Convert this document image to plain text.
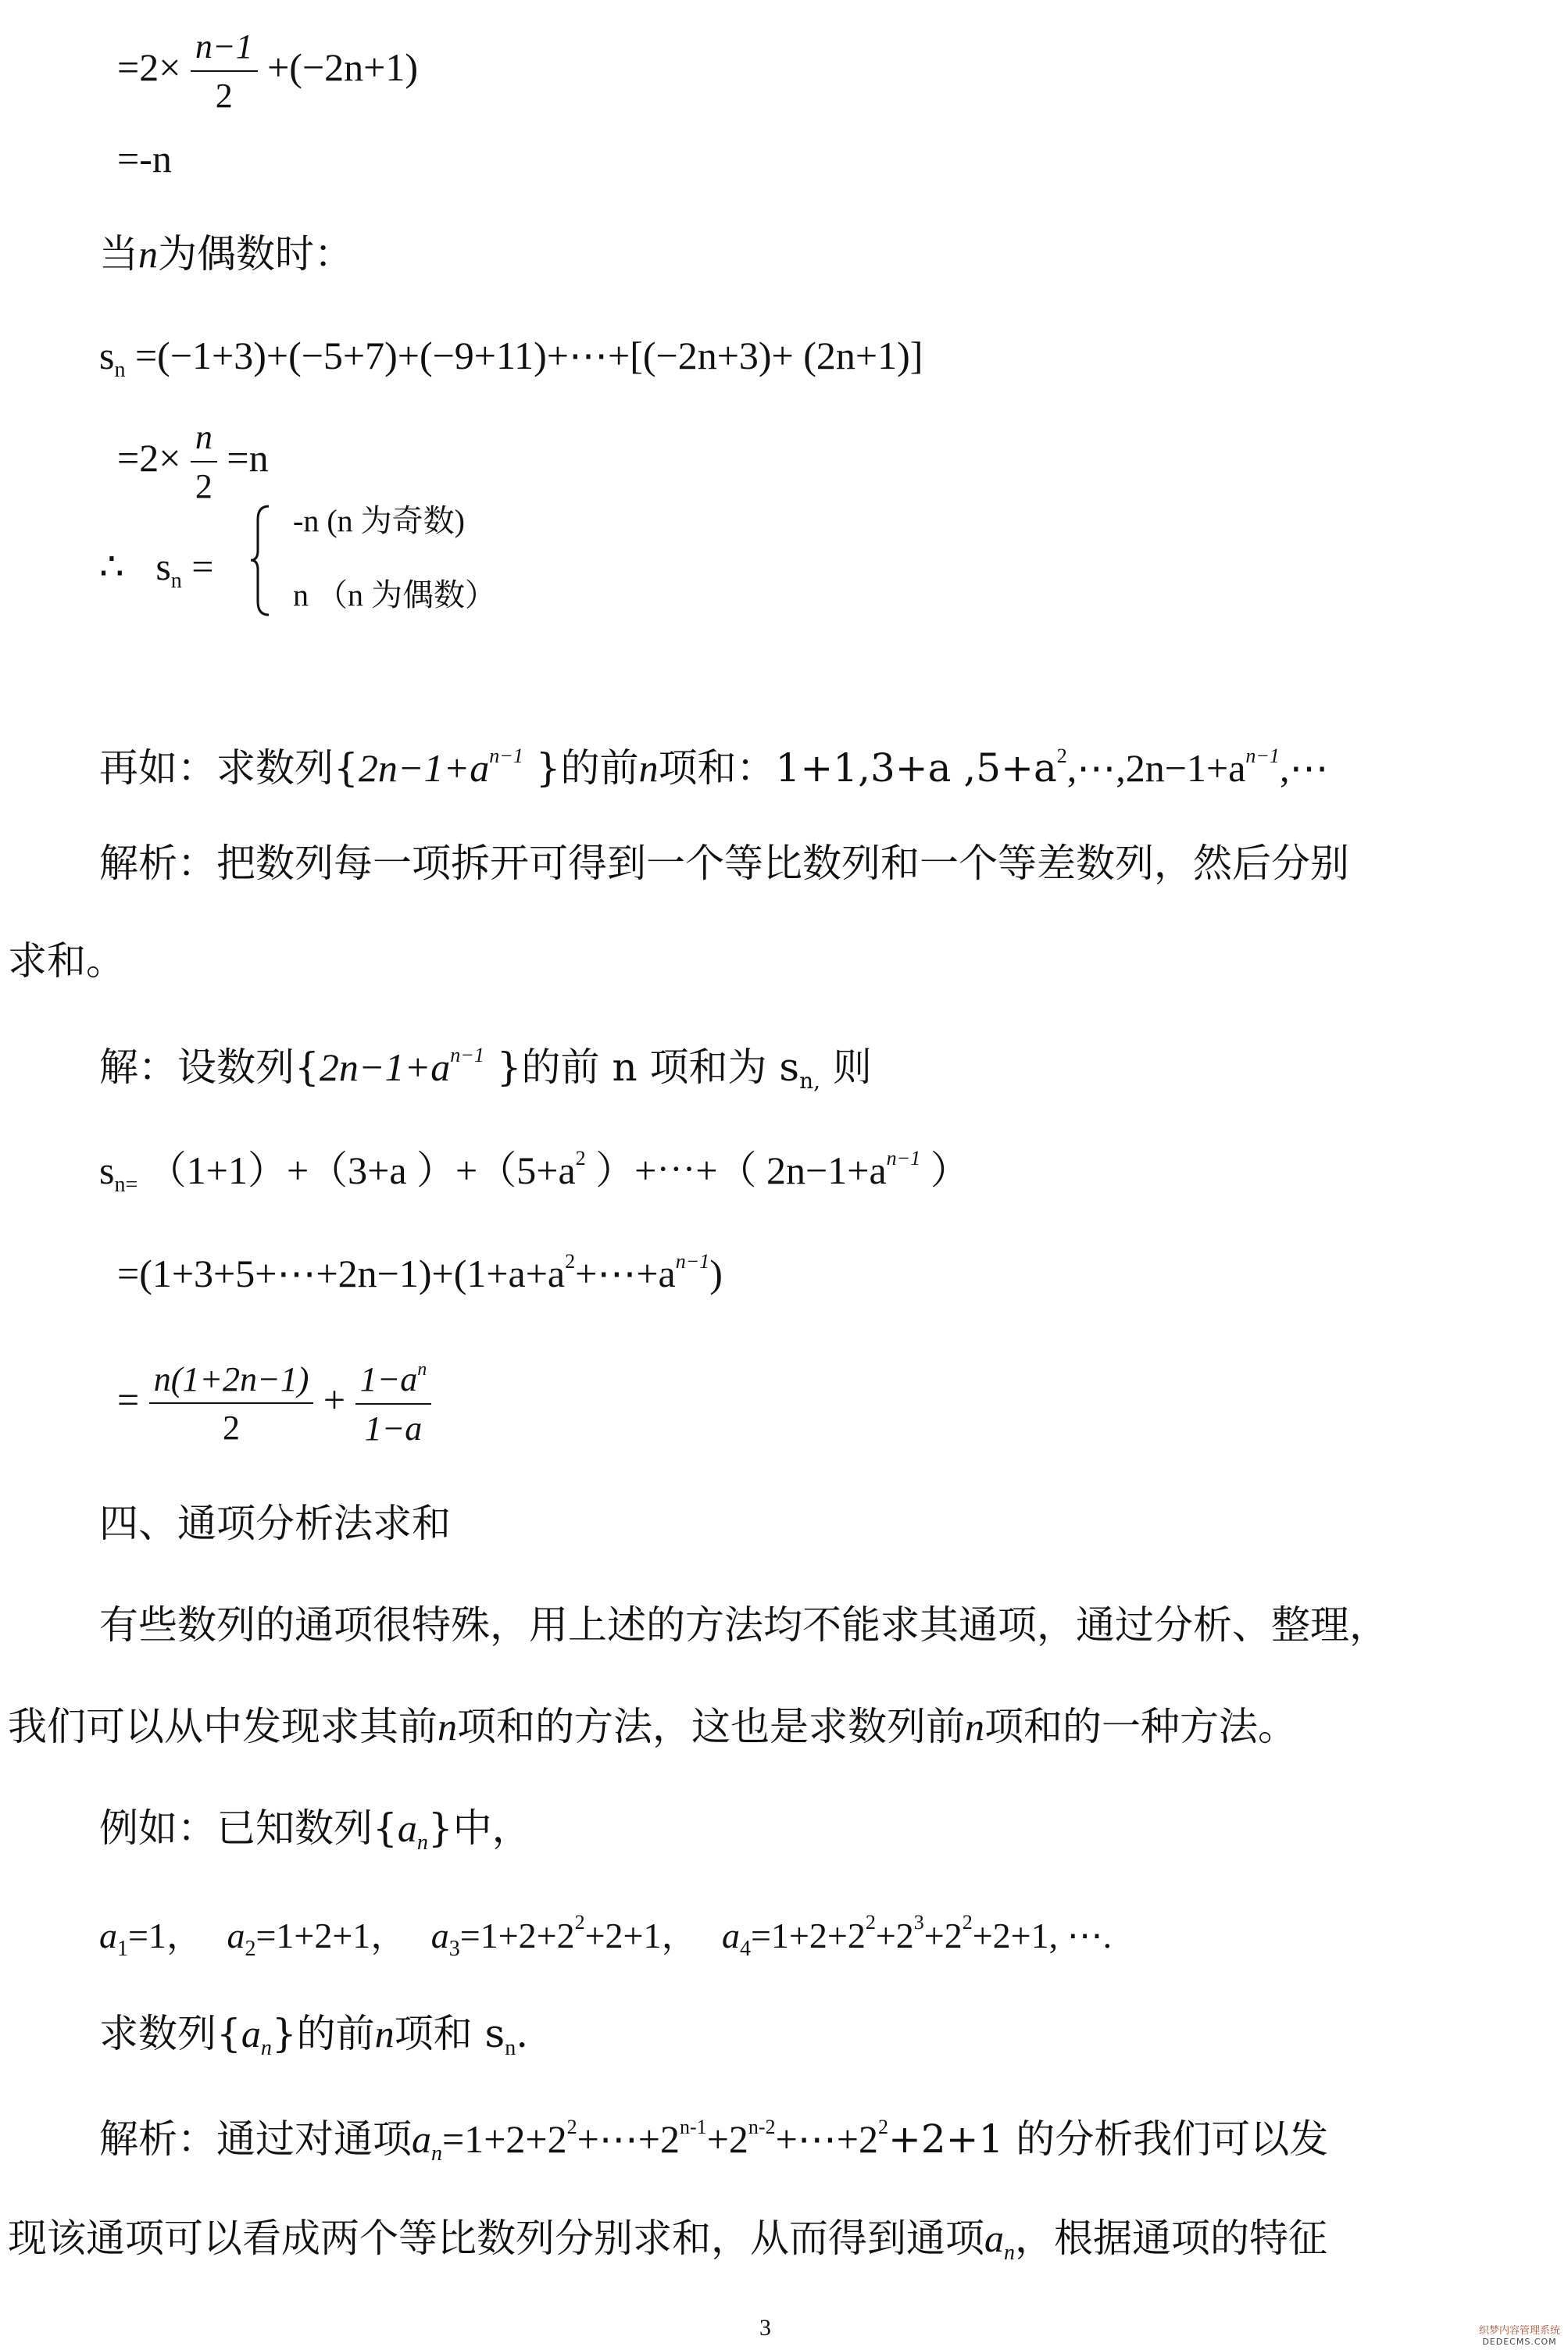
$=2\times \frac{n-1}{2} +(-2n+1)$
=-n
当n为偶数时：
$s_n$ =(−1+3)+(−5+7)+(−9+11)+⋯+[(−2n+3)+ (2n+1)]
$=2\times \frac{n}{2} =n$
∴ $s_n$ =
-n (n 为奇数)
n （n 为偶数）
再如：求数列{$2n-1+a^{n-1}$ }的前n项和：1+1,3+a $,5+a^2,\cdots,2n-1+a^{n-1},\cdots$
解析：把数列每一项拆开可得到一个等比数列和一个等差数列，然后分别
求和。
解：设数列{$2n-1+a^{n-1}$ }的前 n 项和为 $s_{n,}$ 则
$s_{n=}$ （1+1）+（3+a ）$+(5+a^2$ ）+⋯+（ $2n-1+a^{n-1}$ ）
$=(1+3+5+\cdots+2n-1)+(1+a+a^2+\cdots+a^{n-1})$
= $\frac{n(1+2n-1)}{2} + \frac{1-a^n}{1-a}$
四、通项分析法求和
有些数列的通项很特殊，用上述的方法均不能求其通项，通过分析、整理，
我们可以从中发现求其前n项和的方法，这也是求数列前n项和的一种方法。
例如：已知数列$\{a_n\}$中，
$a_1=1$， $a_2=1+2+1$， $a_3=1+2+2^2+2+1$， $a_4=1+2+2^2+2^3+2^2+2+1$, ⋯.
求数列$\{a_n\}$的前n项和 $s_n$.
解析：通过对通项$a_n=1+2+2^2+\cdots+2^{n-1}+2^{n-2}+\cdots+2^2+2+1$ 的分析我们可以发
现该通项可以看成两个等比数列分别求和，从而得到通项$a_n$，根据通项的特征
3	织梦内容管理系统
DEDECMS.COM
